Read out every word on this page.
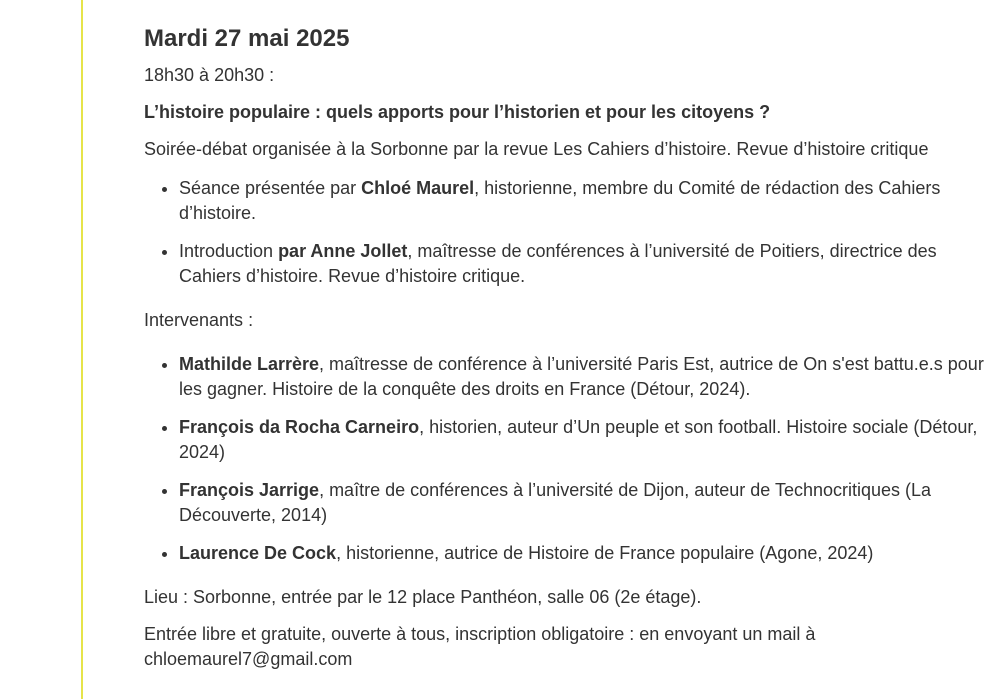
Mardi 27 mai 2025

18h30 à 20h30 :

L’histoire populaire : quels apports pour l’historien et pour les citoyens ?

Soirée-débat organisée à la Sorbonne par la revue Les Cahiers d’histoire. Revue d’histoire critique

• Séance présentée par Chloé Maurel, historienne, membre du Comité de rédaction des Cahiers d’histoire.
• Introduction par Anne Jollet, maîtresse de conférences à l’université de Poitiers, directrice des Cahiers d’histoire. Revue d’histoire critique.

Intervenants :

• Mathilde Larrère, maîtresse de conférence à l’université Paris Est, autrice de On s'est battu.e.s pour les gagner. Histoire de la conquête des droits en France (Détour, 2024).
• François da Rocha Carneiro, historien, auteur d’Un peuple et son football. Histoire sociale (Détour, 2024)
• François Jarrige, maître de conférences à l’université de Dijon, auteur de Technocritiques (La Découverte, 2014)
• Laurence De Cock, historienne, autrice de Histoire de France populaire (Agone, 2024)

Lieu : Sorbonne, entrée par le 12 place Panthéon, salle 06 (2e étage).

Entrée libre et gratuite, ouverte à tous, inscription obligatoire : en envoyant un mail à chloemaurel7@gmail.com
